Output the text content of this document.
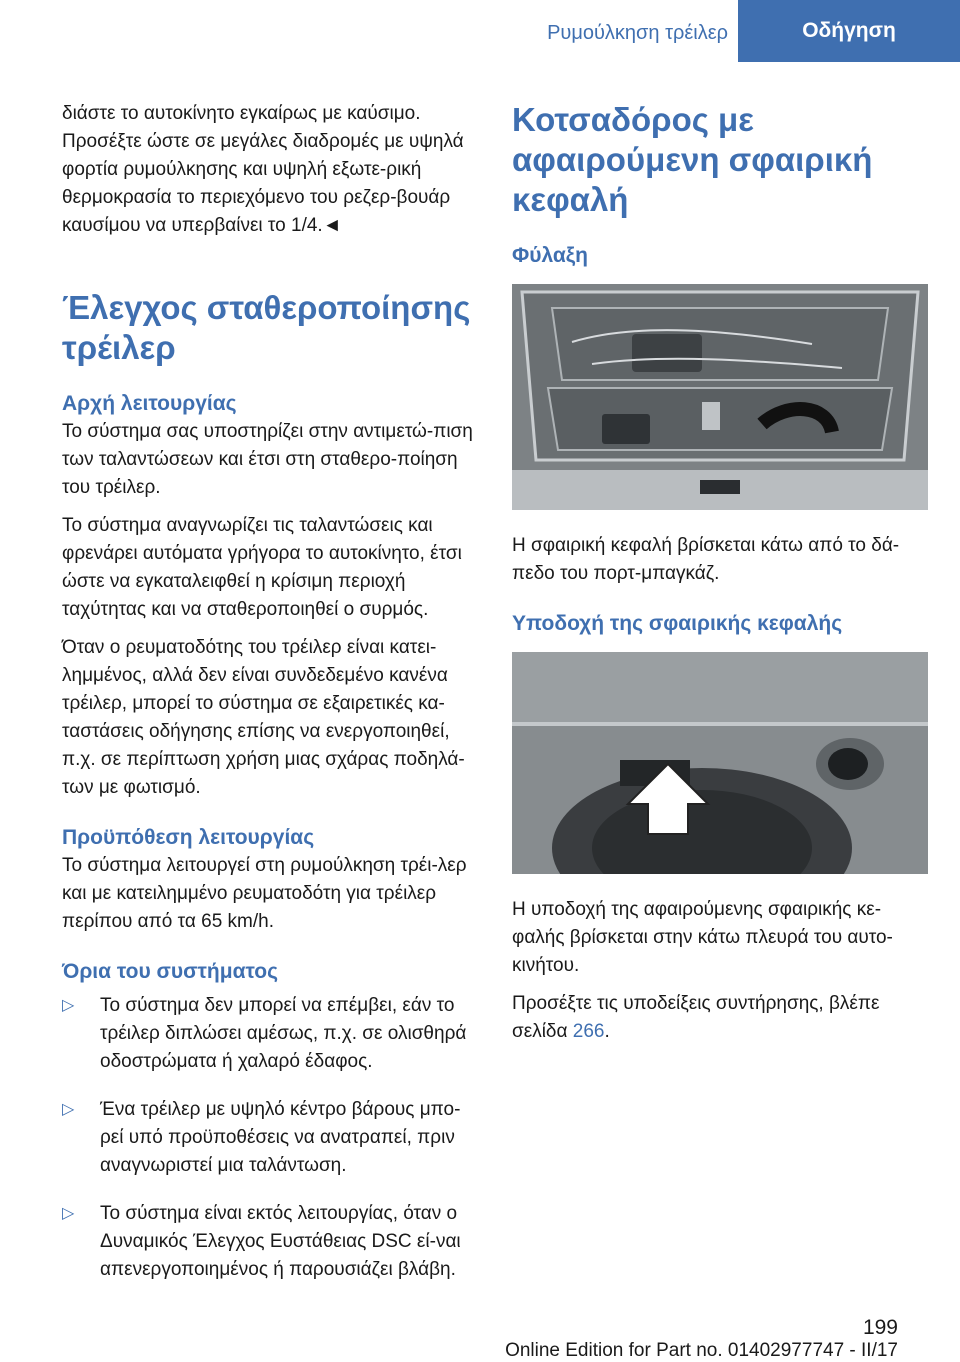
Ρυμούλκηση τρέιλερ	Οδήγηση

διάστε το αυτοκίνητο εγκαίρως με καύσιμο. Προσέξτε ώστε σε μεγάλες διαδρομές με υψηλά φορτία ρυμούλκησης και υψηλή εξωτε-ρική θερμοκρασία το περιεχόμενο του ρεζερ-βουάρ καυσίμου να υπερβαίνει το 1/4.◄

Έλεγχος σταθεροποίησης τρέιλερ
Αρχή λειτουργίας

Το σύστημα σας υποστηρίζει στην αντιμετώ-πιση των ταλαντώσεων και έτσι στη σταθερο-ποίηση του τρέιλερ.

Το σύστημα αναγνωρίζει τις ταλαντώσεις και φρενάρει αυτόματα γρήγορα το αυτοκίνητο, έτσι ώστε να εγκαταλειφθεί η κρίσιμη περιοχή ταχύτητας και να σταθεροποιηθεί ο συρμός.

Όταν ο ρευματοδότης του τρέιλερ είναι κατει-λημμένος, αλλά δεν είναι συνδεδεμένο κανένα τρέιλερ, μπορεί το σύστημα σε εξαιρετικές κα-ταστάσεις οδήγησης επίσης να ενεργοποιηθεί, π.χ. σε περίπτωση χρήση μιας σχάρας ποδηλά-των με φωτισμό.

Προϋπόθεση λειτουργίας

Το σύστημα λειτουργεί στη ρυμούλκηση τρέι-λερ και με κατειλημμένο ρευματοδότη για τρέιλερ περίπου από τα 65 km/h.

Όρια του συστήματος
▷ Το σύστημα δεν μπορεί να επέμβει, εάν το τρέιλερ διπλώσει αμέσως, π.χ. σε ολισθηρά οδοστρώματα ή χαλαρό έδαφος.
▷ Ένα τρέιλερ με υψηλό κέντρο βάρους μπο-ρεί υπό προϋποθέσεις να ανατραπεί, πριν αναγνωριστεί μια ταλάντωση.
▷ Το σύστημα είναι εκτός λειτουργίας, όταν ο Δυναμικός Έλεγχος Ευστάθειας DSC εί-ναι απενεργοποιημένος ή παρουσιάζει βλάβη.
Κοτσαδόρος με αφαιρούμενη σφαιρική κεφαλή
Φύλαξη

Η σφαιρική κεφαλή βρίσκεται κάτω από το δά-πεδο του πορτ-μπαγκάζ.

Υποδοχή της σφαιρικής κεφαλής

Η υποδοχή της αφαιρούμενης σφαιρικής κε-φαλής βρίσκεται στην κάτω πλευρά του αυτο-κινήτου.

Προσέξτε τις υποδείξεις συντήρησης, βλέπε σελίδα 266.

199
Online Edition for Part no. 01402977747 - II/17
